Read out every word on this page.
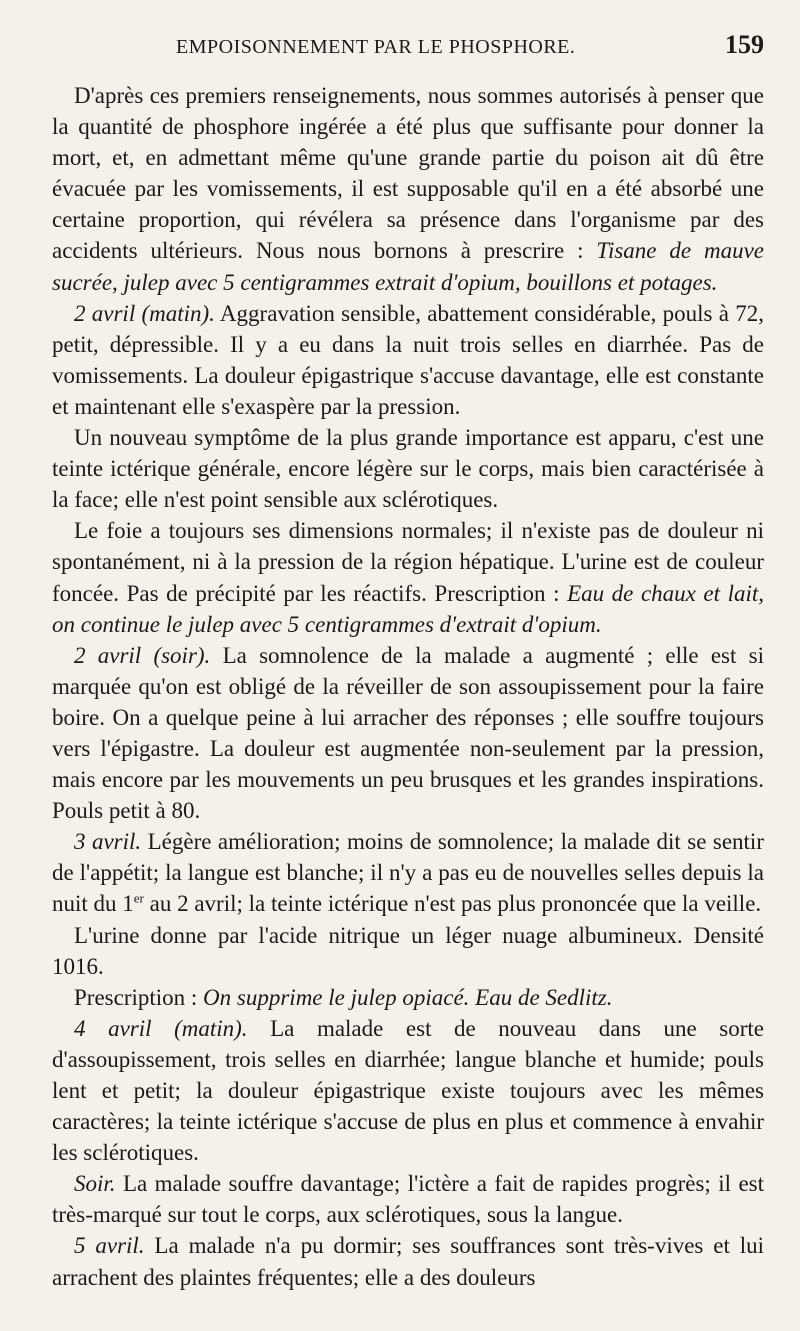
EMPOISONNEMENT PAR LE PHOSPHORE.	159

D'après ces premiers renseignements, nous sommes autorisés à penser que la quantité de phosphore ingérée a été plus que suffisante pour donner la mort, et, en admettant même qu'une grande partie du poison ait dû être évacuée par les vomissements, il est supposable qu'il en a été absorbé une certaine proportion, qui révélera sa présence dans l'organisme par des accidents ultérieurs. Nous nous bornons à prescrire : Tisane de mauve sucrée, julep avec 5 centigrammes extrait d'opium, bouillons et potages.

2 avril (matin). Aggravation sensible, abattement considérable, pouls à 72, petit, dépressible. Il y a eu dans la nuit trois selles en diarrhée. Pas de vomissements. La douleur épigastrique s'accuse davantage, elle est constante et maintenant elle s'exaspère par la pression.

Un nouveau symptôme de la plus grande importance est apparu, c'est une teinte ictérique générale, encore légère sur le corps, mais bien caractérisée à la face; elle n'est point sensible aux sclérotiques.

Le foie a toujours ses dimensions normales; il n'existe pas de douleur ni spontanément, ni à la pression de la région hépatique. L'urine est de couleur foncée. Pas de précipité par les réactifs. Prescription : Eau de chaux et lait, on continue le julep avec 5 centigrammes d'extrait d'opium.

2 avril (soir). La somnolence de la malade a augmenté ; elle est si marquée qu'on est obligé de la réveiller de son assoupissement pour la faire boire. On a quelque peine à lui arracher des réponses ; elle souffre toujours vers l'épigastre. La douleur est augmentée non-seulement par la pression, mais encore par les mouvements un peu brusques et les grandes inspirations. Pouls petit à 80.

3 avril. Légère amélioration; moins de somnolence; la malade dit se sentir de l'appétit; la langue est blanche; il n'y a pas eu de nouvelles selles depuis la nuit du 1er au 2 avril; la teinte ictérique n'est pas plus prononcée que la veille.

L'urine donne par l'acide nitrique un léger nuage albumineux. Densité 1016.

Prescription : On supprime le julep opiacé. Eau de Sedlitz.

4 avril (matin). La malade est de nouveau dans une sorte d'assoupissement, trois selles en diarrhée; langue blanche et humide; pouls lent et petit; la douleur épigastrique existe toujours avec les mêmes caractères; la teinte ictérique s'accuse de plus en plus et commence à envahir les sclérotiques.

Soir. La malade souffre davantage; l'ictère a fait de rapides progrès; il est très-marqué sur tout le corps, aux sclérotiques, sous la langue.

5 avril. La malade n'a pu dormir; ses souffrances sont très-vives et lui arrachent des plaintes fréquentes; elle a des douleurs
